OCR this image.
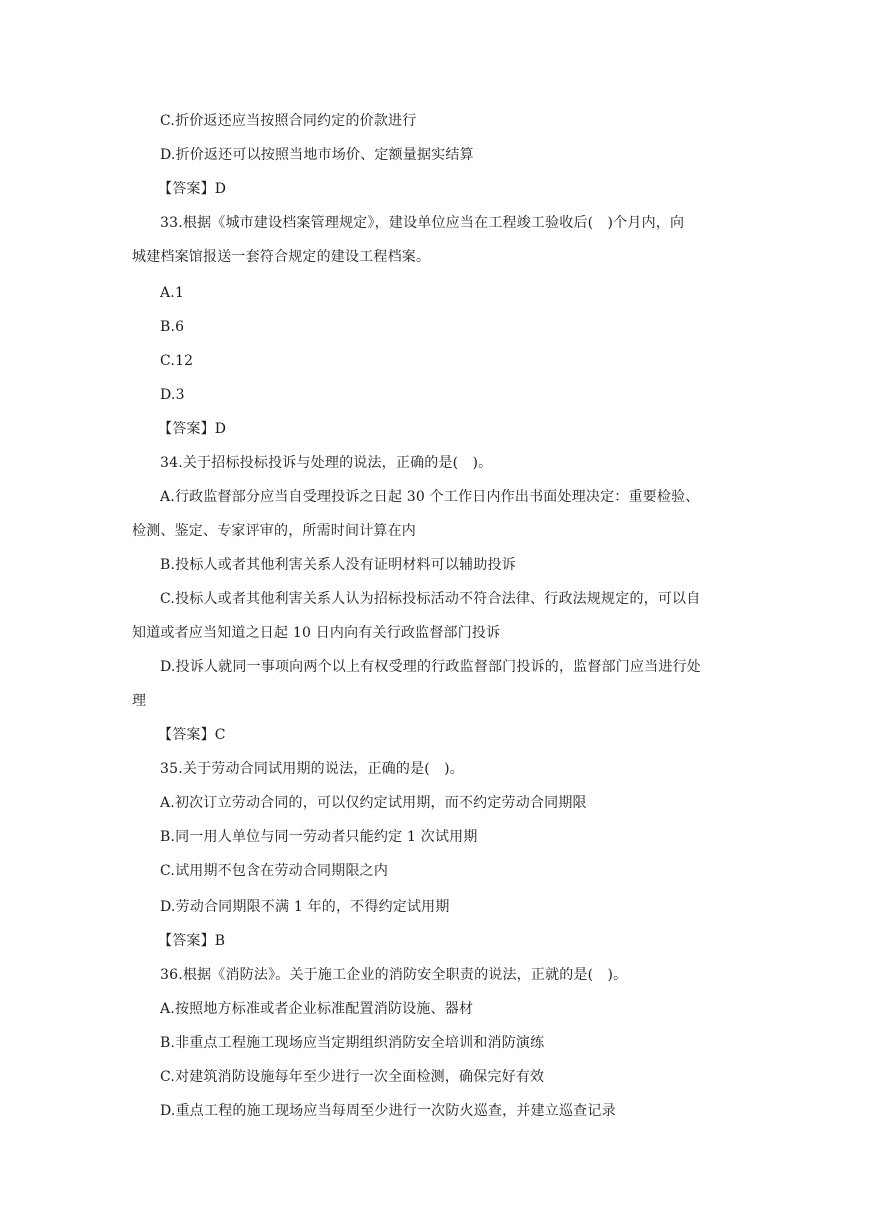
C.折价返还应当按照合同约定的价款进行
D.折价返还可以按照当地市场价、定额量据实结算
【答案】D
33.根据《城市建设档案管理规定》，建设单位应当在工程竣工验收后(　)个月内，向
城建档案馆报送一套符合规定的建设工程档案。
A.1
B.6
C.12
D.3
【答案】D
34.关于招标投标投诉与处理的说法，正确的是(　)。
A.行政监督部分应当自受理投诉之日起 30 个工作日内作出书面处理决定：重要检验、
检测、鉴定、专家评审的，所需时间计算在内
B.投标人或者其他利害关系人没有证明材料可以辅助投诉
C.投标人或者其他利害关系人认为招标投标活动不符合法律、行政法规规定的，可以自
知道或者应当知道之日起 10 日内向有关行政监督部门投诉
D.投诉人就同一事项向两个以上有权受理的行政监督部门投诉的，监督部门应当进行处
理
【答案】C
35.关于劳动合同试用期的说法，正确的是(　)。
A.初次订立劳动合同的，可以仅约定试用期，而不约定劳动合同期限
B.同一用人单位与同一劳动者只能约定 1 次试用期
C.试用期不包含在劳动合同期限之内
D.劳动合同期限不满 1 年的，不得约定试用期
【答案】B
36.根据《消防法》。关于施工企业的消防安全职责的说法，正就的是(　)。
A.按照地方标准或者企业标准配置消防设施、器材
B.非重点工程施工现场应当定期组织消防安全培训和消防演练
C.对建筑消防设施每年至少进行一次全面检测，确保完好有效
D.重点工程的施工现场应当每周至少进行一次防火巡查，并建立巡查记录
